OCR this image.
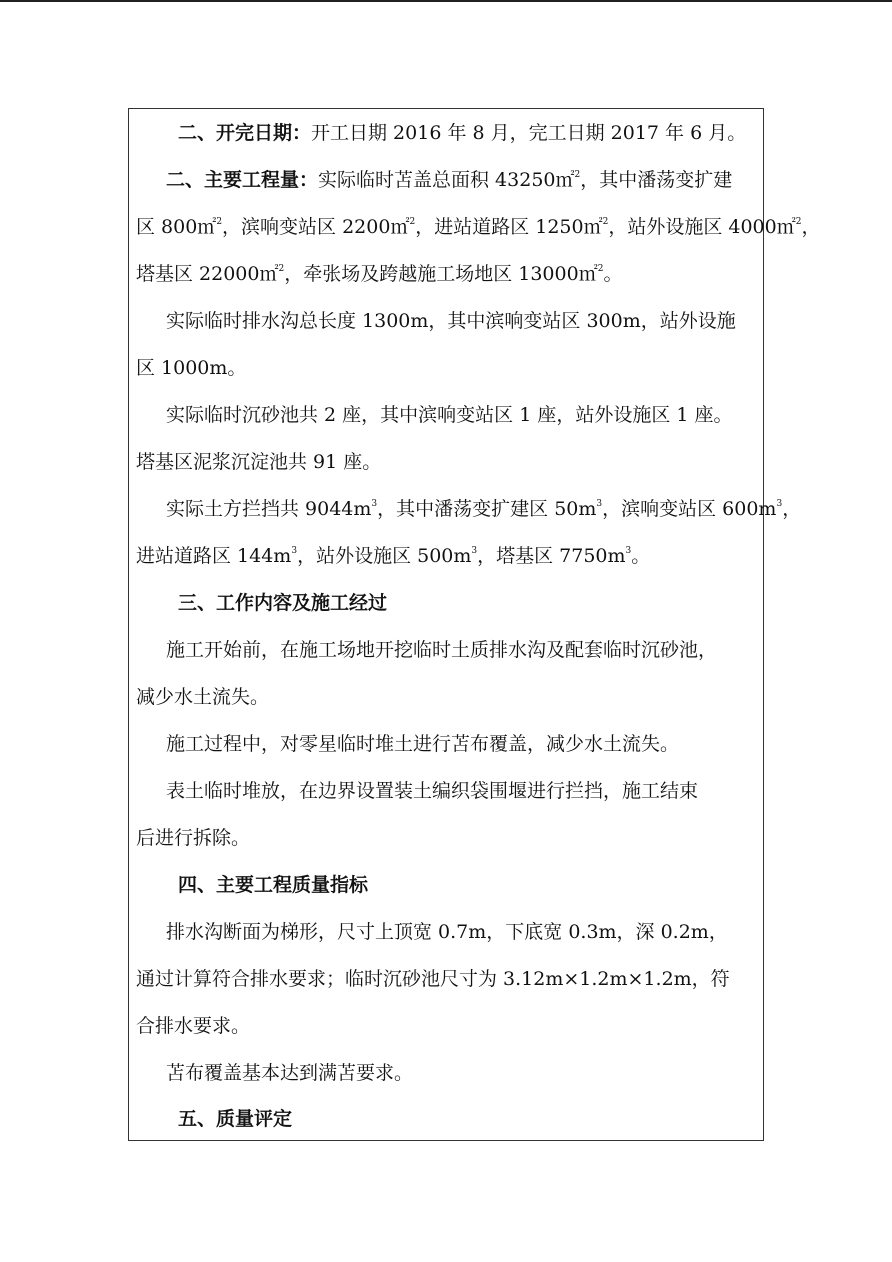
二、开完日期：开工日期 2016 年 8 月，完工日期 2017 年 6 月。
二、主要工程量：实际临时苫盖总面积 43250㎡$^2$，其中潘荡变扩建
区 800㎡$^2$，滨响变站区 2200㎡$^2$，进站道路区 1250㎡$^2$，站外设施区 4000㎡$^2$，
塔基区 22000㎡$^2$，牵张场及跨越施工场地区 13000㎡$^2$。
实际临时排水沟总长度 1300m，其中滨响变站区 300m，站外设施
区 1000m。
实际临时沉砂池共 2 座，其中滨响变站区 1 座，站外设施区 1 座。
塔基区泥浆沉淀池共 91 座。
实际土方拦挡共 $9044m^3$，其中潘荡变扩建区 $50m^3$，滨响变站区 $600m^3$，
进站道路区 $144m^3$，站外设施区 $500m^3$，塔基区 $7750m^3$。
三、工作内容及施工经过
施工开始前，在施工场地开挖临时土质排水沟及配套临时沉砂池，
减少水土流失。
施工过程中，对零星临时堆土进行苫布覆盖，减少水土流失。
表土临时堆放，在边界设置装土编织袋围堰进行拦挡，施工结束
后进行拆除。
四、主要工程质量指标
排水沟断面为梯形，尺寸上顶宽 0.7m，下底宽 0.3m，深 0.2m，
通过计算符合排水要求；临时沉砂池尺寸为 3.12m×1.2m×1.2m，符
合排水要求。
苫布覆盖基本达到满苫要求。
五、质量评定
